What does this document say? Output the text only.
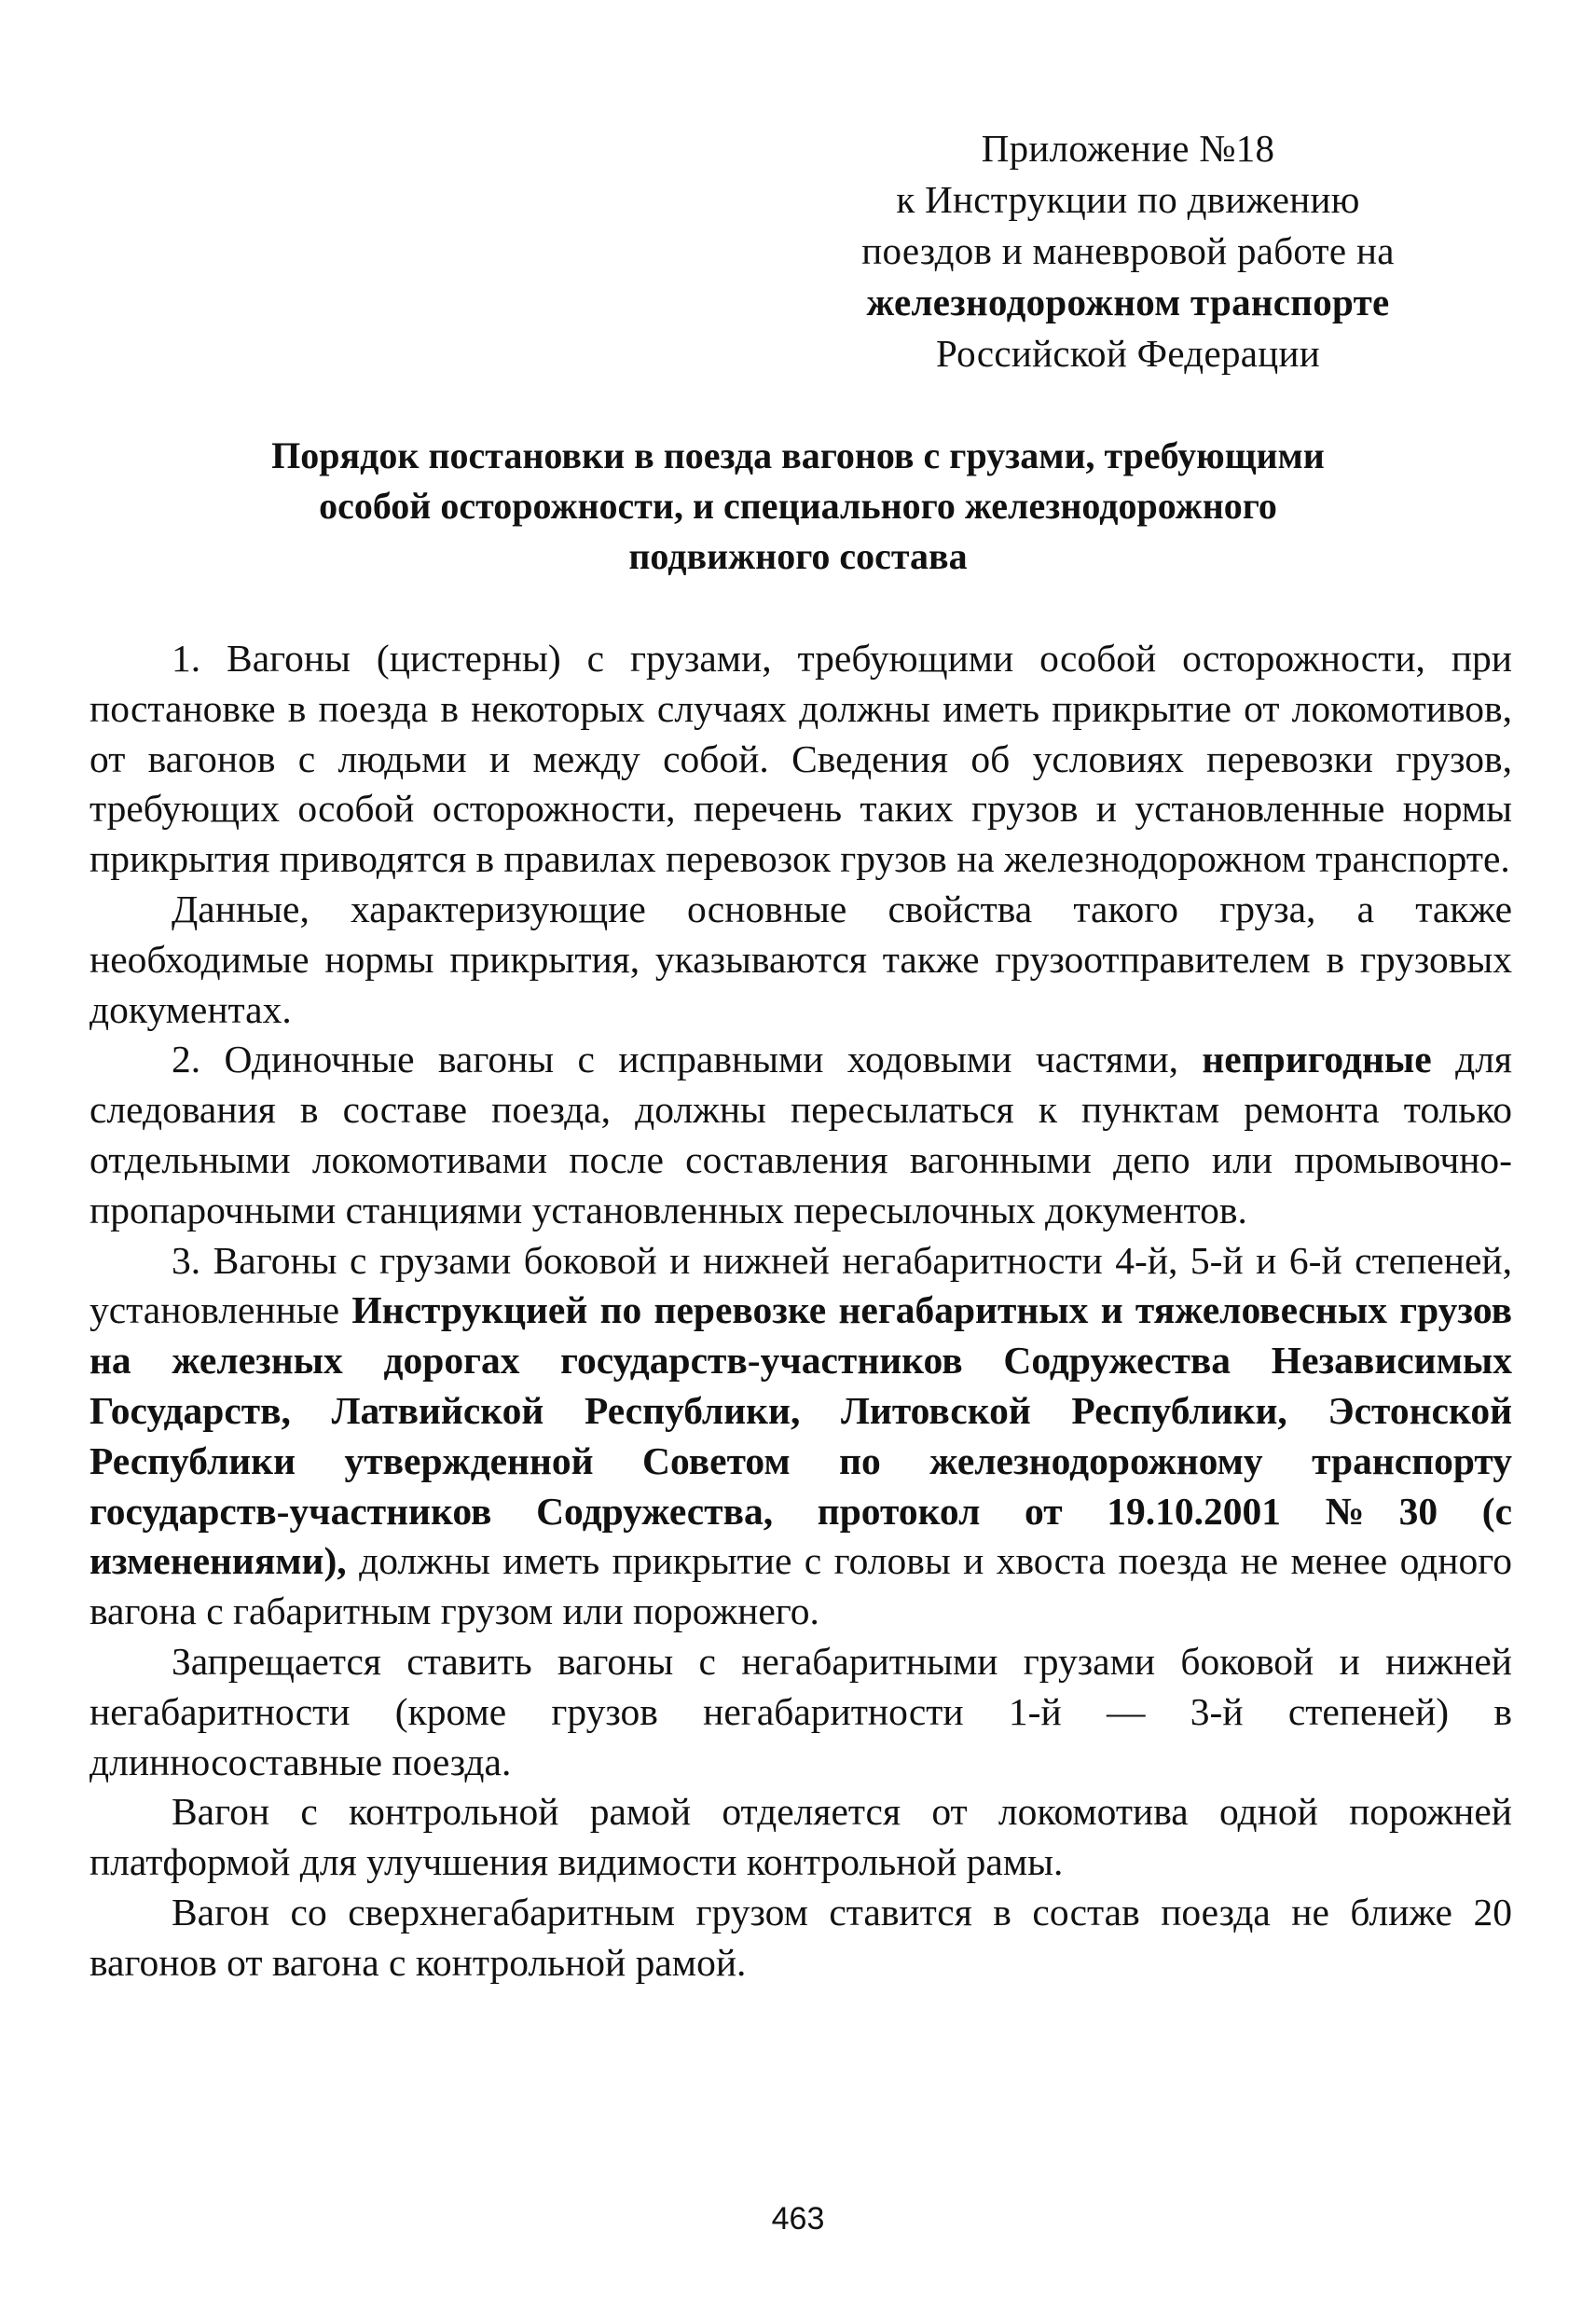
Приложение №18
к Инструкции по движению
поездов и маневровой работе на
железнодорожном транспорте
Российской Федерации
Порядок постановки в поезда вагонов с грузами, требующими
особой осторожности, и специального железнодорожного
подвижного состава

1. Вагоны (цистерны) с грузами, требующими особой осторожности, при постановке в поезда в некоторых случаях должны иметь прикрытие от локомотивов, от вагонов с людьми и между собой. Сведения об условиях перевозки грузов, требующих особой осторожности, перечень таких грузов и установленные нормы прикрытия приводятся в правилах перевозок грузов на железнодорожном транспорте.

Данные, характеризующие основные свойства такого груза, а также необходимые нормы прикрытия, указываются также грузоотправителем в грузовых документах.

2. Одиночные вагоны с исправными ходовыми частями, непригодные для следования в составе поезда, должны пересылаться к пунктам ремонта только отдельными локомотивами после составления вагонными депо или промывочно-пропарочными станциями установленных пересылочных документов.

3. Вагоны с грузами боковой и нижней негабаритности 4-й, 5-й и 6-й степеней, установленные Инструкцией по перевозке негабаритных и тяжеловесных грузов на железных дорогах государств-участников Содружества Независимых Государств, Латвийской Республики, Литовской Республики, Эстонской Республики утвержденной Советом по железнодорожному транспорту государств-участников Содружества, протокол от 19.10.2001 №30 (с изменениями), должны иметь прикрытие с головы и хвоста поезда не менее одного вагона с габаритным грузом или порожнего.

Запрещается ставить вагоны с негабаритными грузами боковой и нижней негабаритности (кроме грузов негабаритности 1-й — 3-й степеней) в длинносоставные поезда.

Вагон с контрольной рамой отделяется от локомотива одной порожней платформой для улучшения видимости контрольной рамы.

Вагон со сверхнегабаритным грузом ставится в состав поезда не ближе 20 вагонов от вагона с контрольной рамой.

463
